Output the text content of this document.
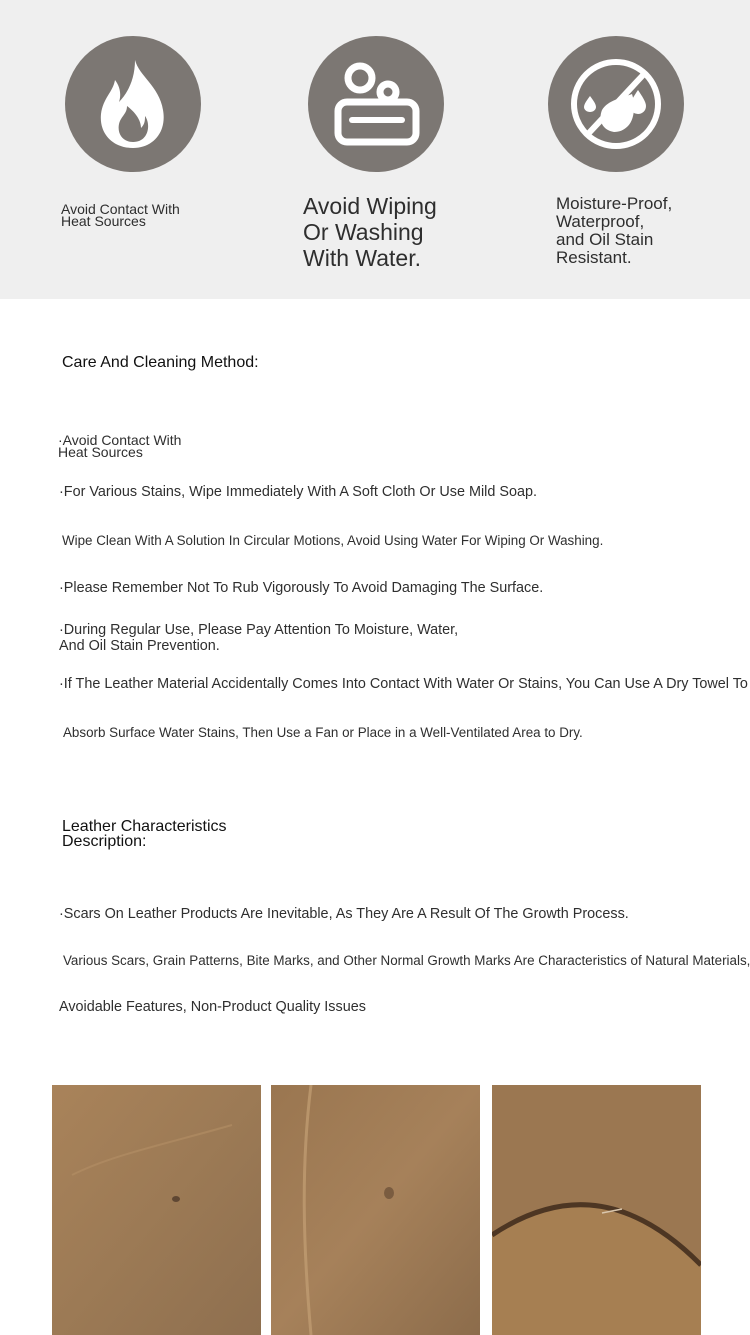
Avoid Contact With
Heat Sources
Avoid Wiping
Or Washing
With Water.
Moisture-Proof,
Waterproof,
and Oil Stain
Resistant.
Care And Cleaning Method:
·Avoid Contact With
Heat Sources
·For Various Stains, Wipe Immediately With A Soft Cloth Or Use Mild Soap.
Wipe Clean With A Solution In Circular Motions, Avoid Using Water For Wiping Or Washing.
·Please Remember Not To Rub Vigorously To Avoid Damaging The Surface.
·During Regular Use, Please Pay Attention To Moisture, Water,
And Oil Stain Prevention.
·If The Leather Material Accidentally Comes Into Contact With Water Or Stains, You Can Use A Dry Towel To
Absorb Surface Water Stains, Then Use a Fan or Place in a Well-Ventilated Area to Dry.
Leather Characteristics
Description:
·Scars On Leather Products Are Inevitable, As They Are A Result Of The Growth Process.
Various Scars, Grain Patterns, Bite Marks, and Other Normal Growth Marks Are Characteristics of Natural Materials,
Avoidable Features, Non-Product Quality Issues
